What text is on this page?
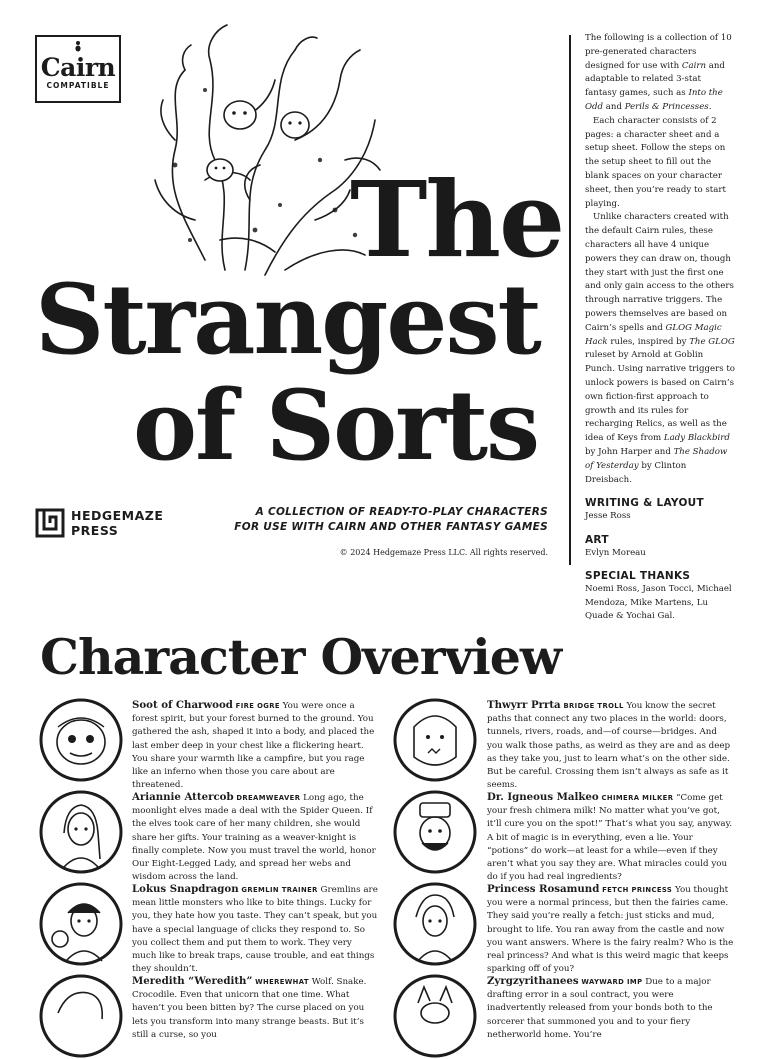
Cairn
COMPATIBLE
The
Strangest
of Sorts
HEDGEMAZE
PRESS
A COLLECTION OF READY-TO-PLAY CHARACTERS
FOR USE WITH CAIRN AND OTHER FANTASY GAMES
© 2024 Hedgemaze Press LLC. All rights reserved.

The following is a collection of 10 pre-generated characters designed for use with Cairn and adaptable to related 3-stat fantasy games, such as Into the Odd and Perils & Princesses.

Each character consists of 2 pages: a character sheet and a setup sheet. Follow the steps on the setup sheet to fill out the blank spaces on your character sheet, then you’re ready to start playing.

Unlike characters created with the default Cairn rules, these characters all have 4 unique powers they can draw on, though they start with just the first one and only gain access to the others through narrative triggers. The powers themselves are based on Cairn’s spells and GLOG Magic Hack rules, inspired by The GLOG ruleset by Arnold at Goblin Punch. Using narrative triggers to unlock powers is based on Cairn’s own fiction-first approach to growth and its rules for recharging Relics, as well as the idea of Keys from Lady Blackbird by John Harper and The Shadow of Yesterday by Clinton Dreisbach.

WRITING & LAYOUT
Jesse Ross
ART
Evlyn Moreau
SPECIAL THANKS
Noemi Ross, Jason Tocci, Michael Mendoza, Mike Martens, Lu Quade & Yochai Gal.
Character Overview
Soot of Charwood FIRE OGRE You were once a forest spirit, but your forest burned to the ground. You gathered the ash, shaped it into a body, and placed the last ember deep in your chest like a flickering heart. You share your warmth like a campfire, but you rage like an inferno when those you care about are threatened.
Ariannie Attercob DREAMWEAVER Long ago, the moonlight elves made a deal with the Spider Queen. If the elves took care of her many children, she would share her gifts. Your training as a weaver-knight is finally complete. Now you must travel the world, honor Our Eight-Legged Lady, and spread her webs and wisdom across the land.
Lokus Snapdragon GREMLIN TRAINER Gremlins are mean little monsters who like to bite things. Lucky for you, they hate how you taste. They can’t speak, but you have a special language of clicks they respond to. So you collect them and put them to work. They very much like to break traps, cause trouble, and eat things they shouldn’t.
Meredith “Weredith” WHEREWHAT Wolf. Snake. Crocodile. Even that unicorn that one time. What haven’t you been bitten by? The curse placed on you lets you transform into many strange beasts. But it’s still a curse, so you
Thwyrr Prrta BRIDGE TROLL You know the secret paths that connect any two places in the world: doors, tunnels, rivers, roads, and—of course—bridges. And you walk those paths, as weird as they are and as deep as they take you, just to learn what’s on the other side. But be careful. Crossing them isn’t always as safe as it seems.
Dr. Igneous Malkeo CHIMERA MILKER “Come get your fresh chimera milk! No matter what you’ve got, it’ll cure you on the spot!” That’s what you say, anyway. A bit of magic is in everything, even a lie. Your “potions” do work—at least for a while—even if they aren’t what you say they are. What miracles could you do if you had real ingredients?
Princess Rosamund FETCH PRINCESS You thought you were a normal princess, but then the fairies came. They said you’re really a fetch: just sticks and mud, brought to life. You ran away from the castle and now you want answers. Where is the fairy realm? Who is the real princess? And what is this weird magic that keeps sparking off of you?
Zyrgzyrithanees WAYWARD IMP Due to a major drafting error in a soul contract, you were inadvertently released from your bonds both to the sorcerer that summoned you and to your fiery netherworld home. You’re
